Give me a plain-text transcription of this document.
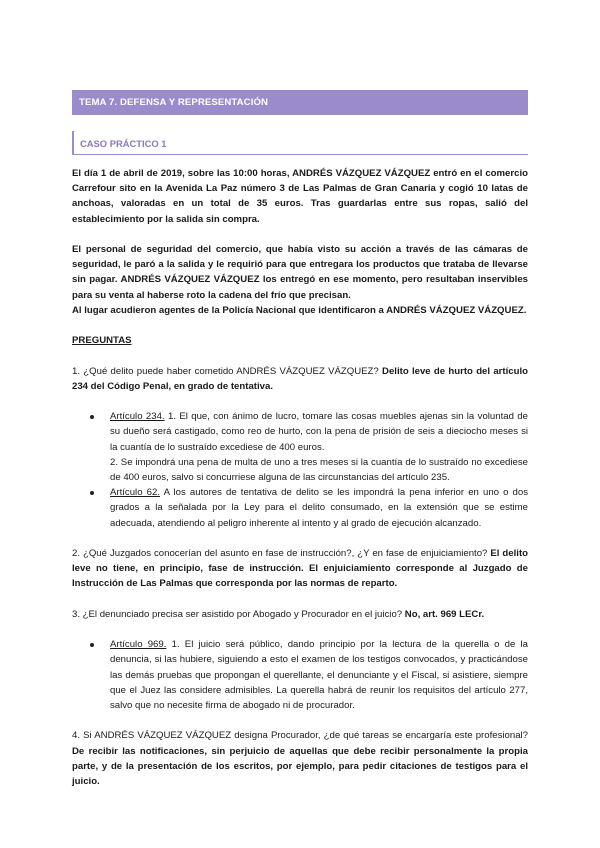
TEMA 7. DEFENSA Y REPRESENTACIÓN
CASO PRÁCTICO 1

El día 1 de abril de 2019, sobre las 10:00 horas, ANDRÉS VÁZQUEZ VÁZQUEZ entró en el comercio Carrefour sito en la Avenida La Paz número 3 de Las Palmas de Gran Canaria y cogió 10 latas de anchoas, valoradas en un total de 35 euros. Tras guardarlas entre sus ropas, salió del establecimiento por la salida sin compra.

El personal de seguridad del comercio, que había visto su acción a través de las cámaras de seguridad, le paró a la salida y le requirió para que entregara los productos que trataba de llevarse sin pagar. ANDRÉS VÁZQUEZ VÁZQUEZ los entregó en ese momento, pero resultaban inservibles para su venta al haberse roto la cadena del frío que precisan.
Al lugar acudieron agentes de la Policía Nacional que identificaron a ANDRÉS VÁZQUEZ VÁZQUEZ.

PREGUNTAS

1. ¿Qué delito puede haber cometido ANDRÉS VÁZQUEZ VÁZQUEZ? Delito leve de hurto del artículo 234 del Código Penal, en grado de tentativa.

Artículo 234. 1. El que, con ánimo de lucro, tomare las cosas muebles ajenas sin la voluntad de su dueño será castigado, como reo de hurto, con la pena de prisión de seis a dieciocho meses si la cuantía de lo sustraído excediese de 400 euros.
2. Se impondrá una pena de multa de uno a tres meses si la cuantía de lo sustraído no excediese de 400 euros, salvo si concurriese alguna de las circunstancias del artículo 235.
Artículo 62. A los autores de tentativa de delito se les impondrá la pena inferior en uno o dos grados a la señalada por la Ley para el delito consumado, en la extensión que se estime adecuada, atendiendo al peligro inherente al intento y al grado de ejecución alcanzado.

2. ¿Qué Juzgados conocerían del asunto en fase de instrucción?, ¿Y en fase de enjuiciamiento? El delito leve no tiene, en principio, fase de instrucción. El enjuiciamiento corresponde al Juzgado de Instrucción de Las Palmas que corresponda por las normas de reparto.

3. ¿El denunciado precisa ser asistido por Abogado y Procurador en el juicio? No, art. 969 LECr.

Artículo 969. 1. El juicio será público, dando principio por la lectura de la querella o de la denuncia, si las hubiere, siguiendo a esto el examen de los testigos convocados, y practicándose las demás pruebas que propongan el querellante, el denunciante y el Fiscal, si asistiere, siempre que el Juez las considere admisibles. La querella habrá de reunir los requisitos del artículo 277, salvo que no necesite firma de abogado ni de procurador.

4. Si ANDRÉS VÁZQUEZ VÁZQUEZ designa Procurador, ¿de qué tareas se encargaría este profesional? De recibir las notificaciones, sin perjuicio de aquellas que debe recibir personalmente la propia parte, y de la presentación de los escritos, por ejemplo, para pedir citaciones de testigos para el juicio.
